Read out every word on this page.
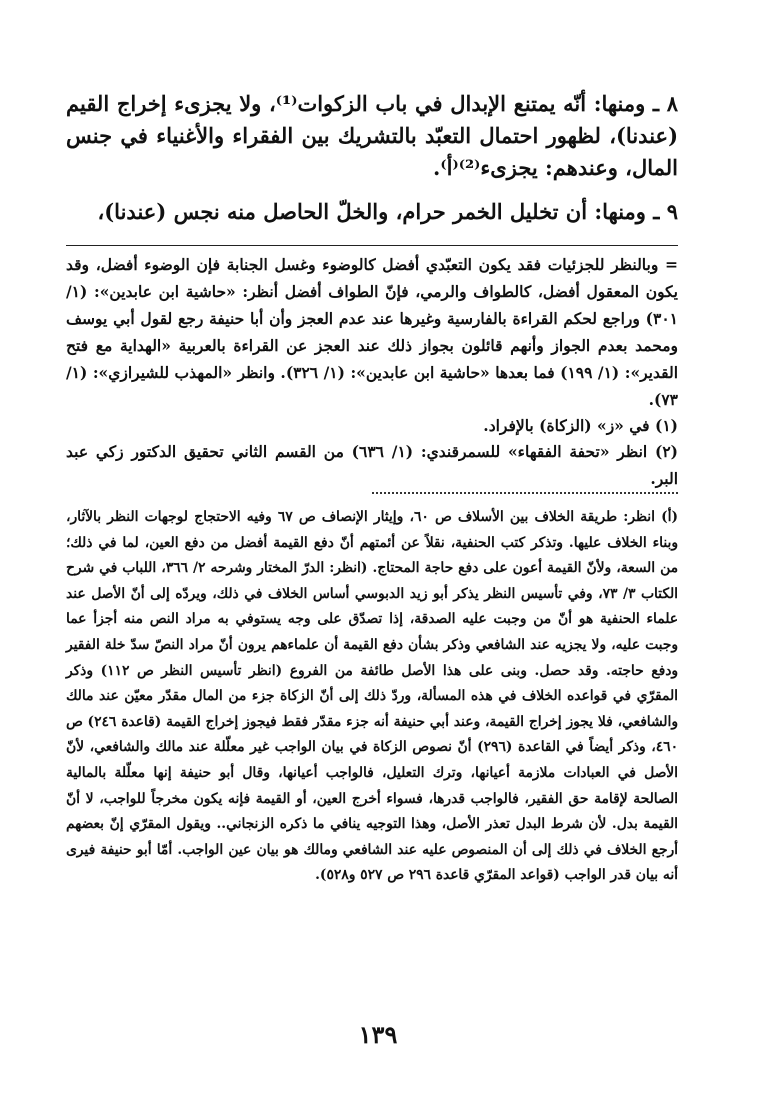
٨ ـ ومنها: أنّه يمتنع الإبدال في باب الزكوات⁽¹⁾، ولا يجزىء إخراج القيم (عندنا)، لظهور احتمال التعبّد بالتشريك بين الفقراء والأغنياء في جنس المال، وعندهم: يجزىء⁽²⁾⁽أ⁾.

٩ ـ ومنها: أن تخليل الخمر حرام، والخلّ الحاصل منه نجس (عندنا)،

= وبالنظر للجزئيات فقد يكون التعبّدي أفضل كالوضوء وغسل الجنابة فإن الوضوء أفضل، وقد يكون المعقول أفضل، كالطواف والرمي، فإنّ الطواف أفضل أنظر: «حاشية ابن عابدين»: (١/ ٣٠١) وراجع لحكم القراءة بالفارسية وغيرها عند عدم العجز وأن أبا حنيفة رجع لقول أبي يوسف ومحمد بعدم الجواز وأنهم قائلون بجواز ذلك عند العجز عن القراءة بالعربية «الهداية مع فتح القدير»: (١/ ١٩٩) فما بعدها «حاشية ابن عابدين»: (١/ ٣٢٦). وانظر «المهذب للشيرازي»: (١/ ٧٣).

(١) في «ز» (الزكاة) بالإفراد.

(٢) انظر «تحفة الفقهاء» للسمرقندي: (١/ ٦٣٦) من القسم الثاني تحقيق الدكتور زكي عبد البر.

(أ) انظر: طريقة الخلاف بين الأسلاف ص ٦٠، وإيثار الإنصاف ص ٦٧ وفيه الاحتجاج لوجهات النظر بالآثار، وبناء الخلاف عليها. وتذكر كتب الحنفية، نقلاً عن أئمتهم أنّ دفع القيمة أفضل من دفع العين، لما في ذلك؛ من السعة، ولأنّ القيمة أعون على دفع حاجة المحتاج. (انظر: الدرّ المختار وشرحه ٢/ ٣٦٦، اللباب في شرح الكتاب ٣/ ٧٣، وفي تأسيس النظر يذكر أبو زيد الدبوسي أساس الخلاف في ذلك، ويردّه إلى أنّ الأصل عند علماء الحنفية هو أنّ من وجبت عليه الصدقة، إذا تصدّق على وجه يستوفي به مراد النص منه أجزأ عما وجبت عليه، ولا يجزيه عند الشافعي وذكر بشأن دفع القيمة أن علماءهم يرون أنّ مراد النصّ سدّ خلة الفقير ودفع حاجته. وقد حصل. وبنى على هذا الأصل طائفة من الفروع (انظر تأسيس النظر ص ١١٢) وذكر المقرّي في قواعده الخلاف في هذه المسألة، وردّ ذلك إلى أنّ الزكاة جزء من المال مقدّر معيّن عند مالك والشافعي، فلا يجوز إخراج القيمة، وعند أبي حنيفة أنه جزء مقدّر فقط فيجوز إخراج القيمة (قاعدة ٢٤٦) ص ٤٦٠، وذكر أيضاً في القاعدة (٢٩٦) أنّ نصوص الزكاة في بيان الواجب غير معلّلة عند مالك والشافعي، لأنّ الأصل في العبادات ملازمة أعيانها، وترك التعليل، فالواجب أعيانها، وقال أبو حنيفة إنها معلّلة بالمالية الصالحة لإقامة حق الفقير، فالواجب قدرها، فسواء أخرج العين، أو القيمة فإنه يكون مخرجاً للواجب، لا أنّ القيمة بدل. لأن شرط البدل تعذر الأصل، وهذا التوجيه ينافي ما ذكره الزنجاني.. ويقول المقرّي إنّ بعضهم أرجع الخلاف في ذلك إلى أن المنصوص عليه عند الشافعي ومالك هو بيان عين الواجب. أمّا أبو حنيفة فيرى أنه بيان قدر الواجب (قواعد المقرّي قاعدة ٢٩٦ ص ٥٢٧ و٥٢٨).

١٣٩
